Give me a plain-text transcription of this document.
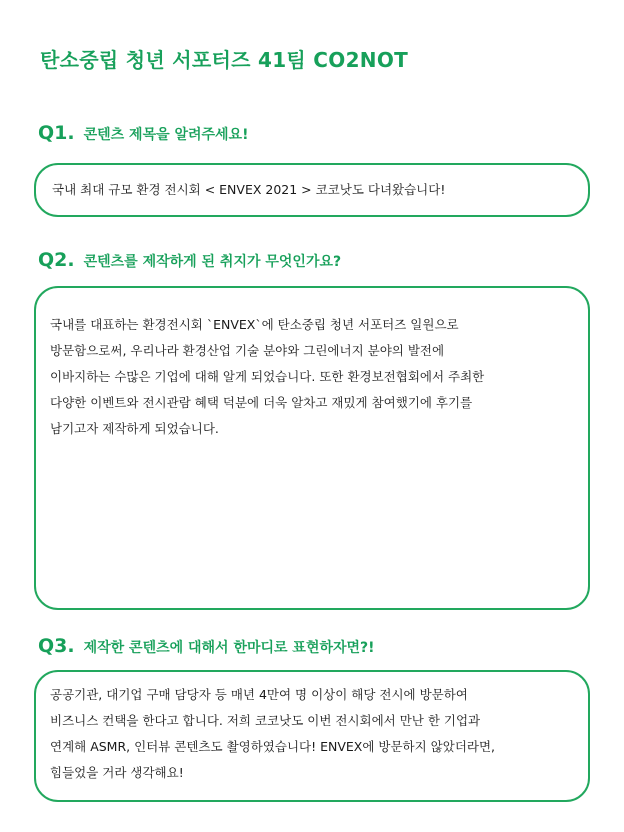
탄소중립 청년 서포터즈 41팀 CO2NOT
Q1. 콘텐츠 제목을 알려주세요!

국내 최대 규모 환경 전시회 < ENVEX 2021 > 코코낫도 다녀왔습니다!

Q2. 콘텐츠를 제작하게 된 취지가 무엇인가요?

국내를 대표하는 환경전시회 `ENVEX`에 탄소중립 청년 서포터즈 일원으로
방문함으로써, 우리나라 환경산업 기술 분야와 그린에너지 분야의 발전에
이바지하는 수많은 기업에 대해 알게 되었습니다. 또한 환경보전협회에서 주최한
다양한 이벤트와 전시관람 혜택 덕분에 더욱 알차고 재밌게 참여했기에 후기를
남기고자 제작하게 되었습니다.

Q3. 제작한 콘텐츠에 대해서 한마디로 표현하자면?!

공공기관, 대기업 구매 담당자 등 매년 4만여 명 이상이 해당 전시에 방문하여
비즈니스 컨택을 한다고 합니다. 저희 코코낫도 이번 전시회에서 만난 한 기업과
연계해 ASMR, 인터뷰 콘텐츠도 촬영하였습니다! ENVEX에 방문하지 않았더라면,
힘들었을 거라 생각해요!
